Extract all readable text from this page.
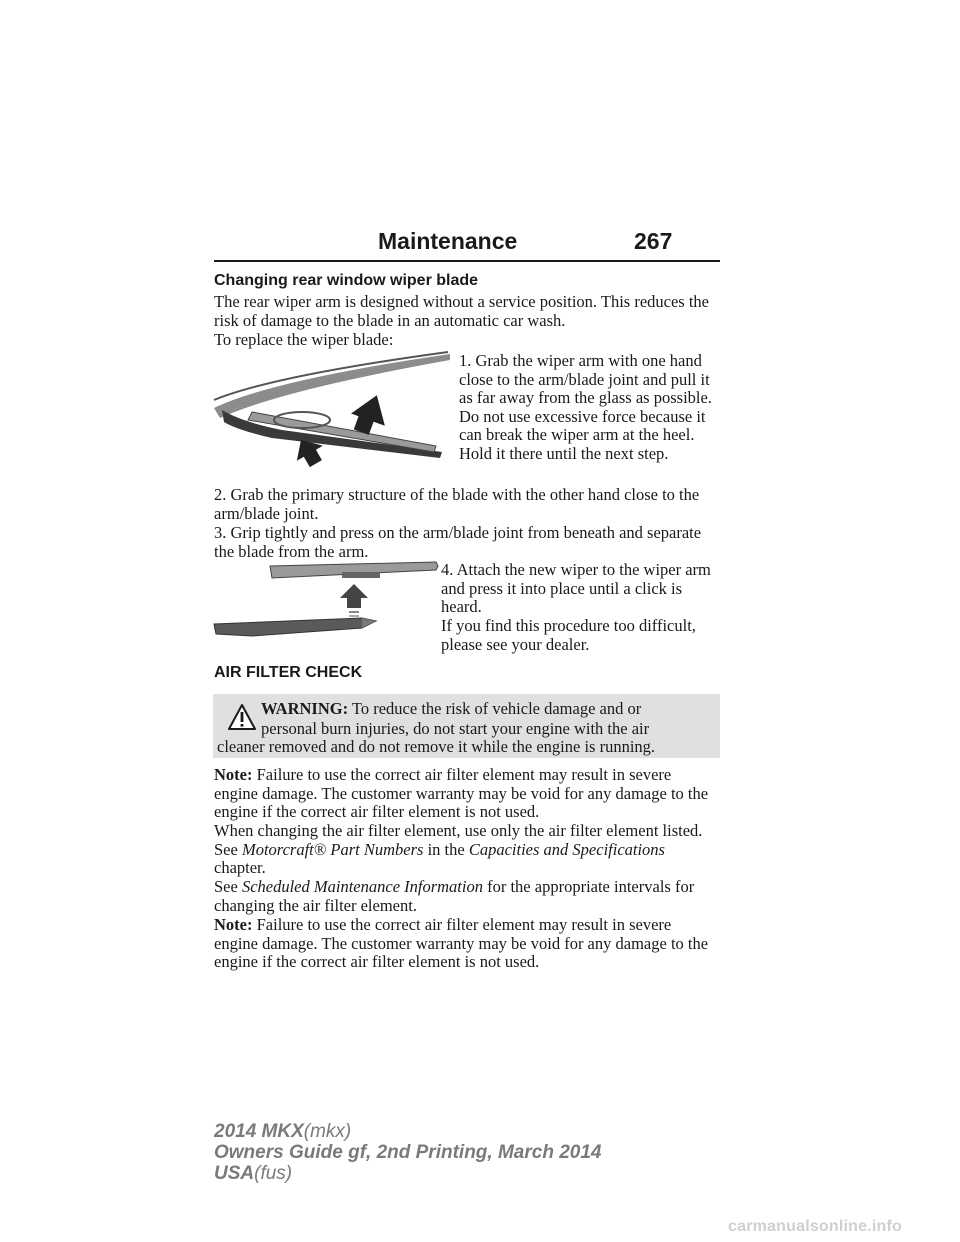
Maintenance	267
Changing rear window wiper blade

The rear wiper arm is designed without a service position. This reduces the risk of damage to the blade in an automatic car wash.

To replace the wiper blade:

1. Grab the wiper arm with one hand close to the arm/blade joint and pull it as far away from the glass as possible. Do not use excessive force because it can break the wiper arm at the heel. Hold it there until the next step.

2. Grab the primary structure of the blade with the other hand close to the arm/blade joint.

3. Grip tightly and press on the arm/blade joint from beneath and separate the blade from the arm.

4. Attach the new wiper to the wiper arm and press it into place until a click is heard.

If you find this procedure too difficult, please see your dealer.

AIR FILTER CHECK

WARNING: To reduce the risk of vehicle damage and or

personal burn injuries, do not start your engine with the air

cleaner removed and do not remove it while the engine is running.

Note: Failure to use the correct air filter element may result in severe engine damage. The customer warranty may be void for any damage to the engine if the correct air filter element is not used.

When changing the air filter element, use only the air filter element listed. See Motorcraft® Part Numbers in the Capacities and Specifications chapter.

See Scheduled Maintenance Information for the appropriate intervals for changing the air filter element.

Note: Failure to use the correct air filter element may result in severe engine damage. The customer warranty may be void for any damage to the engine if the correct air filter element is not used.

2014 MKX(mkx)
Owners Guide gf, 2nd Printing, March 2014
USA(fus)
carmanualsonline.info
